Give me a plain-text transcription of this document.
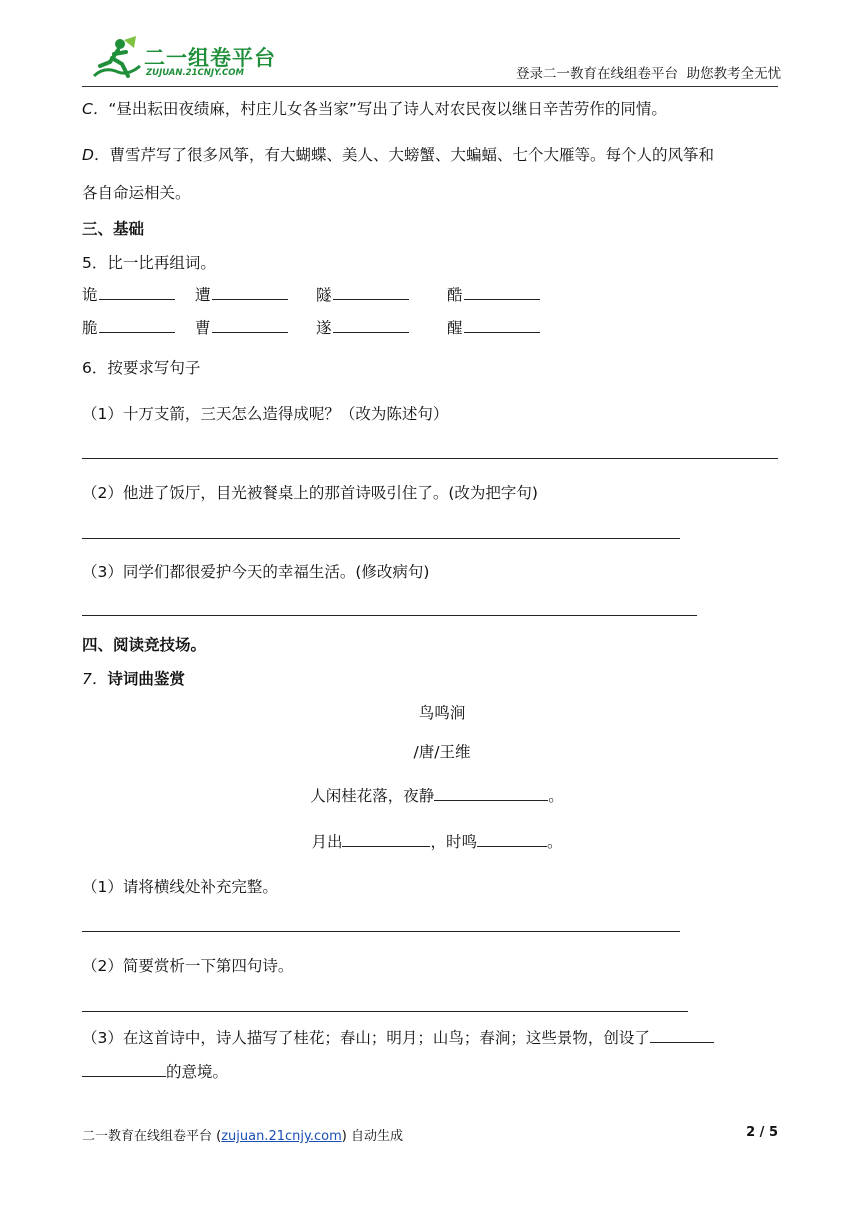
二一组卷平台
ZUJUAN.21CNJY.COM	登录二一教育在线组卷平台  助您教考全无忧
C．“昼出耘田夜绩麻，村庄儿女各当家”写出了诗人对农民夜以继日辛苦劳作的同情。
D．曹雪芹写了很多风筝，有大蝴蝶、美人、大螃蟹、大蝙蝠、七个大雁等。每个人的风筝和
各自命运相关。
三、基础
5．比一比再组词。
诡	遭	隧	酷
脆	曹	遂	醒
6．按要求写句子
（1）十万支箭，三天怎么造得成呢？（改为陈述句）
（2）他进了饭厅，目光被餐桌上的那首诗吸引住了。(改为把字句)
（3）同学们都很爱护今天的幸福生活。(修改病句)
四、阅读竞技场。
7．诗词曲鉴赏
鸟鸣涧
/唐/王维
人闲桂花落，夜静	。
月出	，时鸣	。
（1）请将横线处补充完整。
（2）简要赏析一下第四句诗。
（3）在这首诗中，诗人描写了桂花；春山；明月；山鸟；春涧；这些景物，创设了
的意境。
二一教育在线组卷平台 (zujuan.21cnjy.com) 自动生成	2 / 5
